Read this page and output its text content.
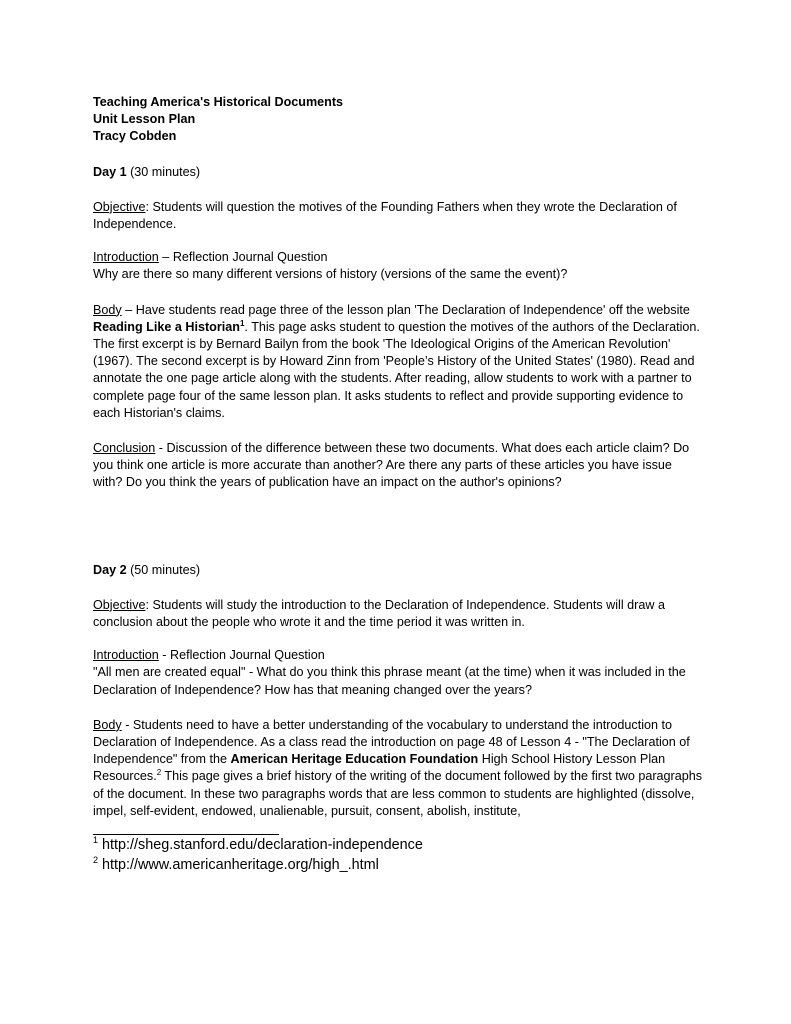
Teaching America's Historical Documents

Unit Lesson Plan

Tracy Cobden

Day 1 (30 minutes)

Objective: Students will question the motives of the Founding Fathers when they wrote the Declaration of Independence.

Introduction – Reflection Journal Question

Why are there so many different versions of history (versions of the same the event)?

Body – Have students read page three of the lesson plan 'The Declaration of Independence' off the website Reading Like a Historian$^1$. This page asks student to question the motives of the authors of the Declaration. The first excerpt is by Bernard Bailyn from the book 'The Ideological Origins of the American Revolution' (1967). The second excerpt is by Howard Zinn from 'People’s History of the United States' (1980). Read and annotate the one page article along with the students. After reading, allow students to work with a partner to complete page four of the same lesson plan. It asks students to reflect and provide supporting evidence to each Historian's claims.

Conclusion - Discussion of the difference between these two documents. What does each article claim? Do you think one article is more accurate than another? Are there any parts of these articles you have issue with? Do you think the years of publication have an impact on the author's opinions?

Day 2 (50 minutes)

Objective: Students will study the introduction to the Declaration of Independence. Students will draw a conclusion about the people who wrote it and the time period it was written in.

Introduction - Reflection Journal Question

"All men are created equal" - What do you think this phrase meant (at the time) when it was included in the Declaration of Independence? How has that meaning changed over the years?

Body - Students need to have a better understanding of the vocabulary to understand the introduction to Declaration of Independence. As a class read the introduction on page 48 of Lesson 4 - "The Declaration of Independence" from the American Heritage Education Foundation High School History Lesson Plan Resources.$^2$ This page gives a brief history of the writing of the document followed by the first two paragraphs of the document. In these two paragraphs words that are less common to students are highlighted (dissolve, impel, self-evident, endowed, unalienable, pursuit, consent, abolish, institute,

$^1$ http://sheg.stanford.edu/declaration-independence

$^2$ http://www.americanheritage.org/high_.html
